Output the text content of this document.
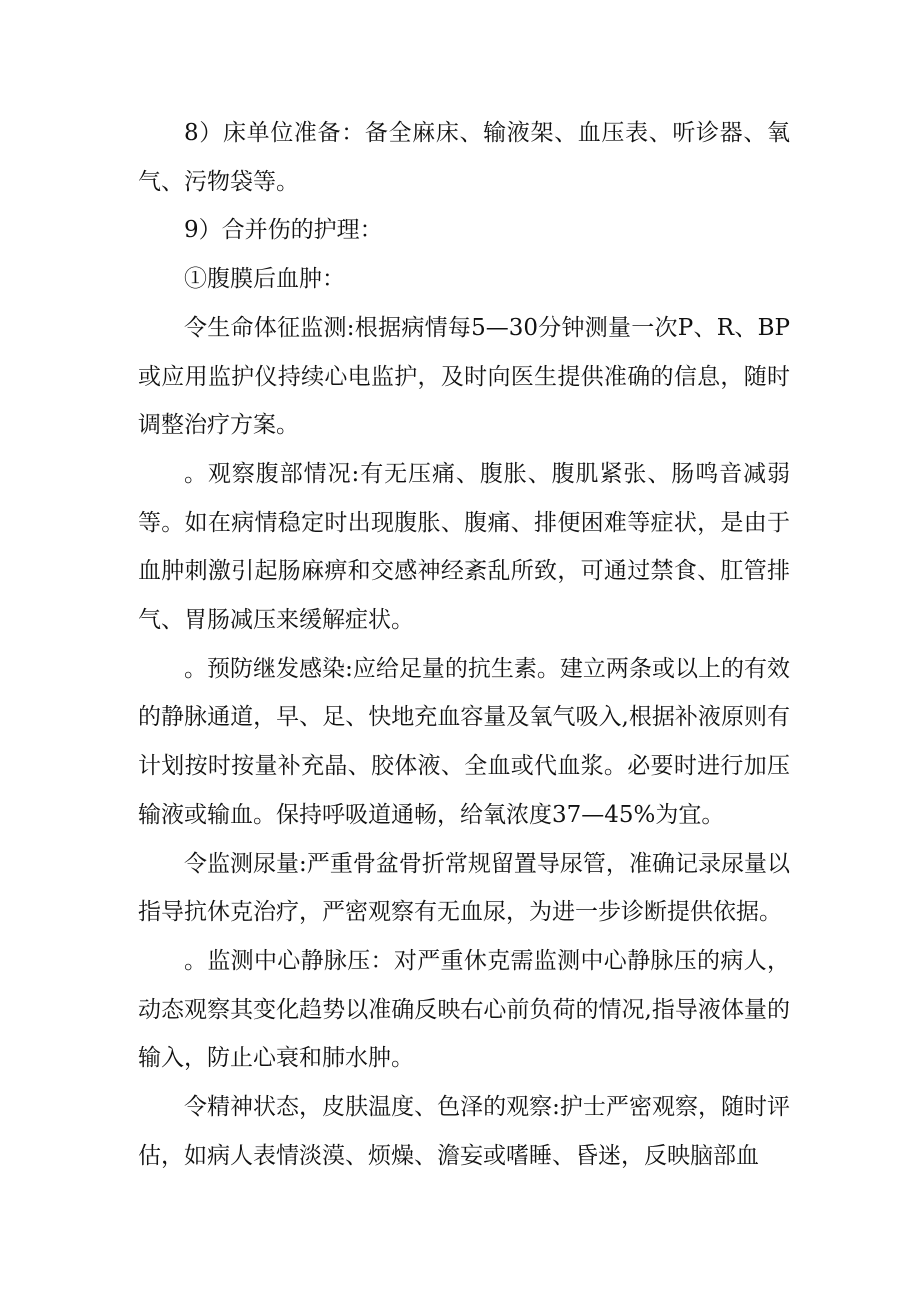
8）床单位准备：备全麻床、输液架、血压表、听诊器、氧气、污物袋等。

9）合并伤的护理：

①腹膜后血肿：

令生命体征监测:根据病情每5—30分钟测量一次P、R、BP或应用监护仪持续心电监护，及时向医生提供准确的信息，随时调整治疗方案。

。观察腹部情况:有无压痛、腹胀、腹肌紧张、肠鸣音减弱等。如在病情稳定时出现腹胀、腹痛、排便困难等症状，是由于血肿刺激引起肠麻痹和交感神经紊乱所致，可通过禁食、肛管排气、胃肠减压来缓解症状。

。预防继发感染:应给足量的抗生素。建立两条或以上的有效的静脉通道，早、足、快地充血容量及氧气吸入,根据补液原则有计划按时按量补充晶、胶体液、全血或代血浆。必要时进行加压输液或输血。保持呼吸道通畅，给氧浓度37—45%为宜。

令监测尿量:严重骨盆骨折常规留置导尿管，准确记录尿量以指导抗休克治疗，严密观察有无血尿，为进一步诊断提供依据。

。监测中心静脉压：对严重休克需监测中心静脉压的病人，动态观察其变化趋势以准确反映右心前负荷的情况,指导液体量的输入，防止心衰和肺水肿。

令精神状态，皮肤温度、色泽的观察:护士严密观察，随时评估，如病人表情淡漠、烦燥、澹妄或嗜睡、昏迷，反映脑部血
